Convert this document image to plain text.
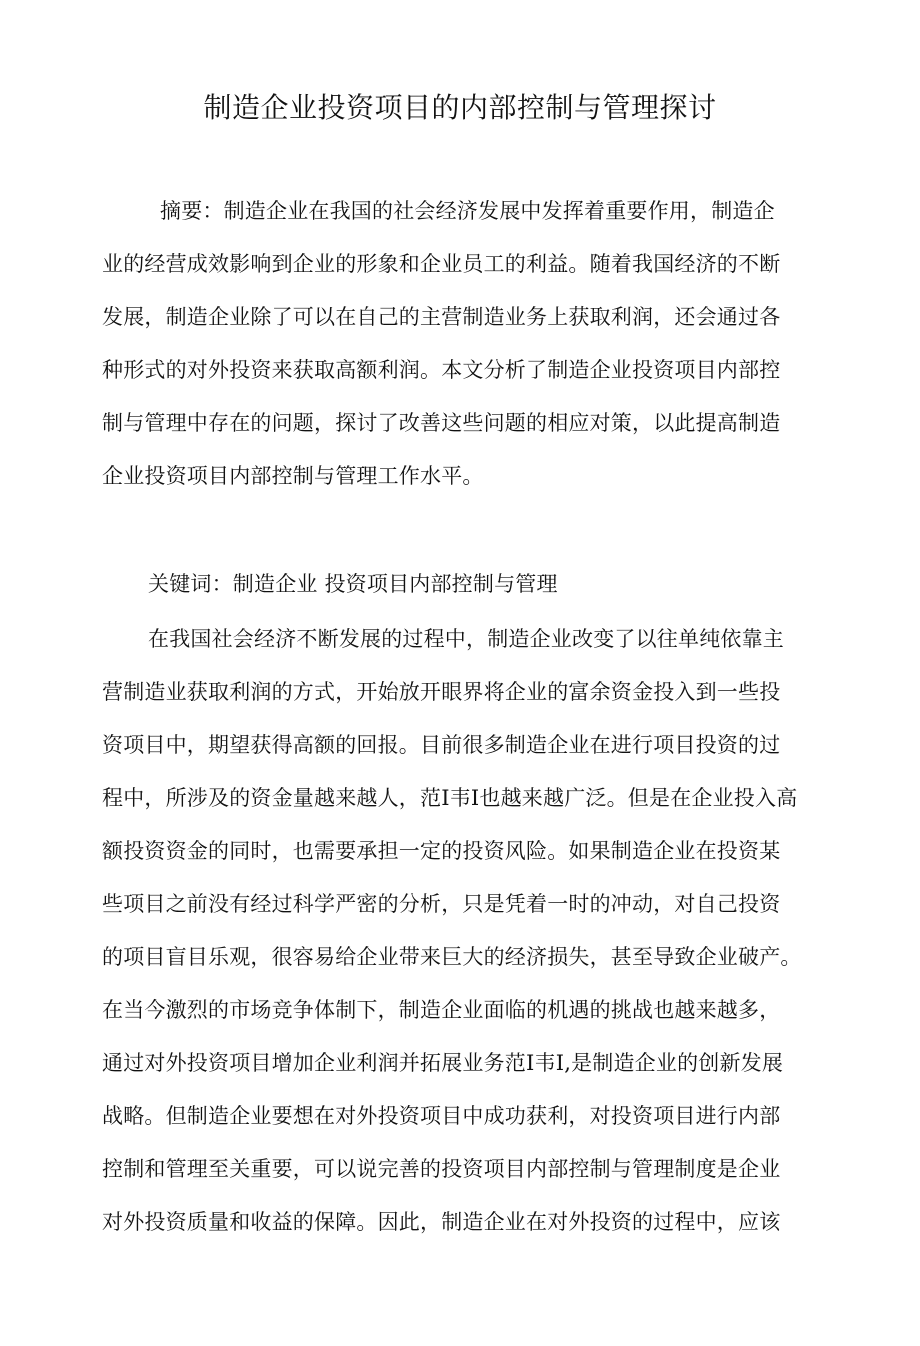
制造企业投资项目的内部控制与管理探讨
摘要：制造企业在我国的社会经济发展中发挥着重要作用，制造企
业的经营成效影响到企业的形象和企业员工的利益。随着我国经济的不断
发展，制造企业除了可以在自己的主营制造业务上获取利润，还会通过各
种形式的对外投资来获取高额利润。本文分析了制造企业投资项目内部控
制与管理中存在的问题，探讨了改善这些问题的相应对策，以此提高制造
企业投资项目内部控制与管理工作水平。
关键词：制造企业 投资项目内部控制与管理
在我国社会经济不断发展的过程中，制造企业改变了以往单纯依靠主
营制造业获取利润的方式，开始放开眼界将企业的富余资金投入到一些投
资项目中，期望获得高额的回报。目前很多制造企业在进行项目投资的过
程中，所涉及的资金量越来越人，范I韦I也越来越广泛。但是在企业投入高
额投资资金的同时，也需要承担一定的投资风险。如果制造企业在投资某
些项目之前没有经过科学严密的分析，只是凭着一时的冲动，对自己投资
的项目盲目乐观，很容易给企业带来巨大的经济损失，甚至导致企业破产。
在当今激烈的市场竞争体制下，制造企业面临的机遇的挑战也越来越多，
通过对外投资项目增加企业利润并拓展业务范I韦I,是制造企业的创新发展
战略。但制造企业要想在对外投资项目中成功获利，对投资项目进行内部
控制和管理至关重要，可以说完善的投资项目内部控制与管理制度是企业
对外投资质量和收益的保障。因此，制造企业在对外投资的过程中，应该
